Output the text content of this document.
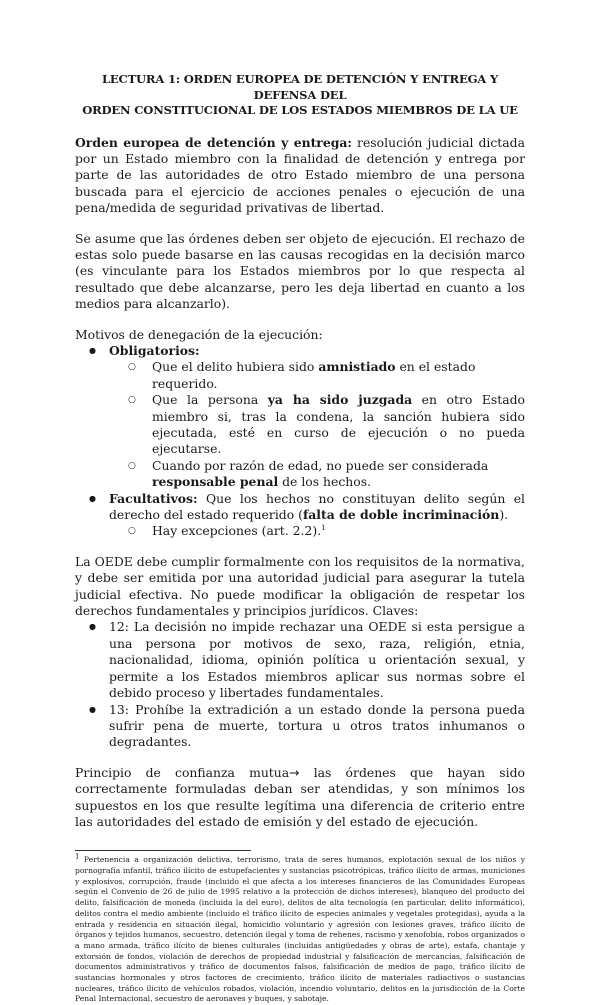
LECTURA 1: ORDEN EUROPEA DE DETENCIÓN Y ENTREGA Y DEFENSA DEL
ORDEN CONSTITUCIONAL DE LOS ESTADOS MIEMBROS DE LA UE

Orden europea de detención y entrega: resolución judicial dictada por un Estado miembro con la finalidad de detención y entrega por parte de las autoridades de otro Estado miembro de una persona buscada para el ejercicio de acciones penales o ejecución de una pena/medida de seguridad privativas de libertad.

Se asume que las órdenes deben ser objeto de ejecución. El rechazo de estas solo puede basarse en las causas recogidas en la decisión marco (es vinculante para los Estados miembros por lo que respecta al resultado que debe alcanzarse, pero les deja libertad en cuanto a los medios para alcanzarlo).

Motivos de denegación de la ejecución:

● Obligatorios:
○ Que el delito hubiera sido amnistiado en el estado requerido.

○ Que la persona ya ha sido juzgada en otro Estado miembro si, tras la condena, la sanción hubiera sido ejecutada, esté en curso de ejecución o no pueda ejecutarse.

○ Cuando por razón de edad, no puede ser considerada responsable penal de los hechos.

● Facultativos: Que los hechos no constituyan delito según el derecho del estado requerido (falta de doble incriminación).

○ Hay excepciones (art. 2.2).$^1$

La OEDE debe cumplir formalmente con los requisitos de la normativa, y debe ser emitida por una autoridad judicial para asegurar la tutela judicial efectiva. No puede modificar la obligación de respetar los derechos fundamentales y principios jurídicos. Claves:

● 12: La decisión no impide rechazar una OEDE si esta persigue a una persona por motivos de sexo, raza, religión, etnia, nacionalidad, idioma, opinión política u orientación sexual, y permite a los Estados miembros aplicar sus normas sobre el debido proceso y libertades fundamentales.

● 13: Prohíbe la extradición a un estado donde la persona pueda sufrir pena de muerte, tortura u otros tratos inhumanos o degradantes.

Principio de confianza mutua→ las órdenes que hayan sido correctamente formuladas deban ser atendidas, y son mínimos los supuestos en los que resulte legítima una diferencia de criterio entre las autoridades del estado de emisión y del estado de ejecución.

$^1$ Pertenencia a organización delictiva, terrorismo, trata de seres humanos, explotación sexual de los niños y pornografía infantil, tráfico ilícito de estupefacientes y sustancias psicotrópicas, tráfico ilícito de armas, municiones y explosivos, corrupción, fraude (incluido el que afecta a los intereses financieros de las Comunidades Europeas según el Convenio de 26 de julio de 1995 relativo a la protección de dichos intereses), blanqueo del producto del delito, falsificación de moneda (incluida la del euro), delitos de alta tecnología (en particular, delito informático), delitos contra el medio ambiente (incluido el tráfico ilícito de especies animales y vegetales protegidas), ayuda a la entrada y residencia en situación ilegal, homicidio voluntario y agresión con lesiones graves, tráfico ilícito de órganos y tejidos humanos, secuestro, detención ilegal y toma de rehenes, racismo y xenofobia, robos organizados o a mano armada, tráfico ilícito de bienes culturales (incluidas antigüedades y obras de arte), estafa, chantaje y extorsión de fondos, violación de derechos de propiedad industrial y falsificación de mercancías, falsificación de documentos administrativos y tráfico de documentos falsos, falsificación de medios de pago, tráfico ilícito de sustancias hormonales y otros factores de crecimiento, tráfico ilícito de materiales radiactivos o sustancias nucleares, tráfico ilícito de vehículos robados, violación, incendio voluntario, delitos en la jurisdicción de la Corte Penal Internacional, secuestro de aeronaves y buques, y sabotaje.
